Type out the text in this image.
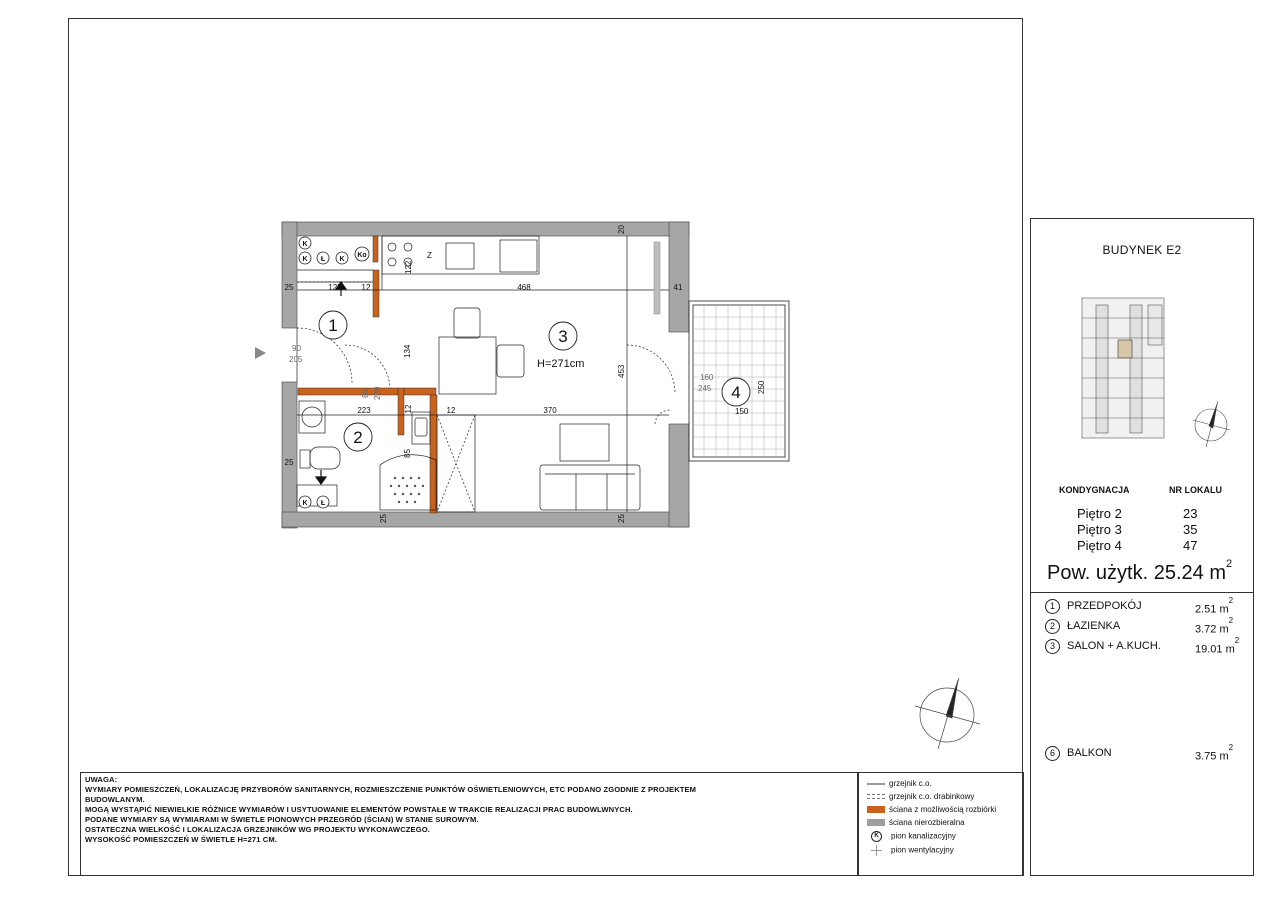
1
2
3
4
H=271cm
K
K Ł K
Ko
K Ł
Z
25	125 12	468	41
12	12
223	370	150
25
90
205
160
245
122
20
134
453
250
80 200
85
25	25
BUDYNEK E2
KONDYGNACJA	NR LOKALU
Piętro 2	23
Piętro 3	35
Piętro 4	47
Pow. użytk. 25.24 $m^2$
1 PRZEDPOKÓJ	2.51 $m^2$
2 ŁAZIENKA	3.72 $m^2$
3 SALON + A.KUCH.	19.01 $m^2$
6 BALKON	3.75 $m^2$

UWAGA:

WYMIARY POMIESZCZEŃ, LOKALIZACJĘ PRZYBORÓW SANITARNYCH, ROZMIESZCZENIE PUNKTÓW OŚWIETLENIOWYCH, ETC PODANO ZGODNIE Z PROJEKTEM

BUDOWLANYM.

MOGĄ WYSTĄPIĆ NIEWIELKIE RÓŻNICE WYMIARÓW I USYTUOWANIE ELEMENTÓW POWSTAŁE W TRAKCIE REALIZACJI PRAC BUDOWLWNYCH.

PODANE WYMIARY SĄ WYMIARAMI W ŚWIETLE PIONOWYCH PRZEGRÓD (ŚCIAN) W STANIE SUROWYM.

OSTATECZNA WIELKOŚĆ I LOKALIZACJA GRZEJNIKÓW WG PROJEKTU WYKONAWCZEGO.

WYSOKOŚĆ POMIESZCZEŃ W ŚWIETLE H=271 CM.

grzejnik c.o.
grzejnik c.o. drabinkowy
ściana z możliwością rozbiórki
ściana nierozbieralna
K pion kanalizacyjny
pion wentylacyjny
